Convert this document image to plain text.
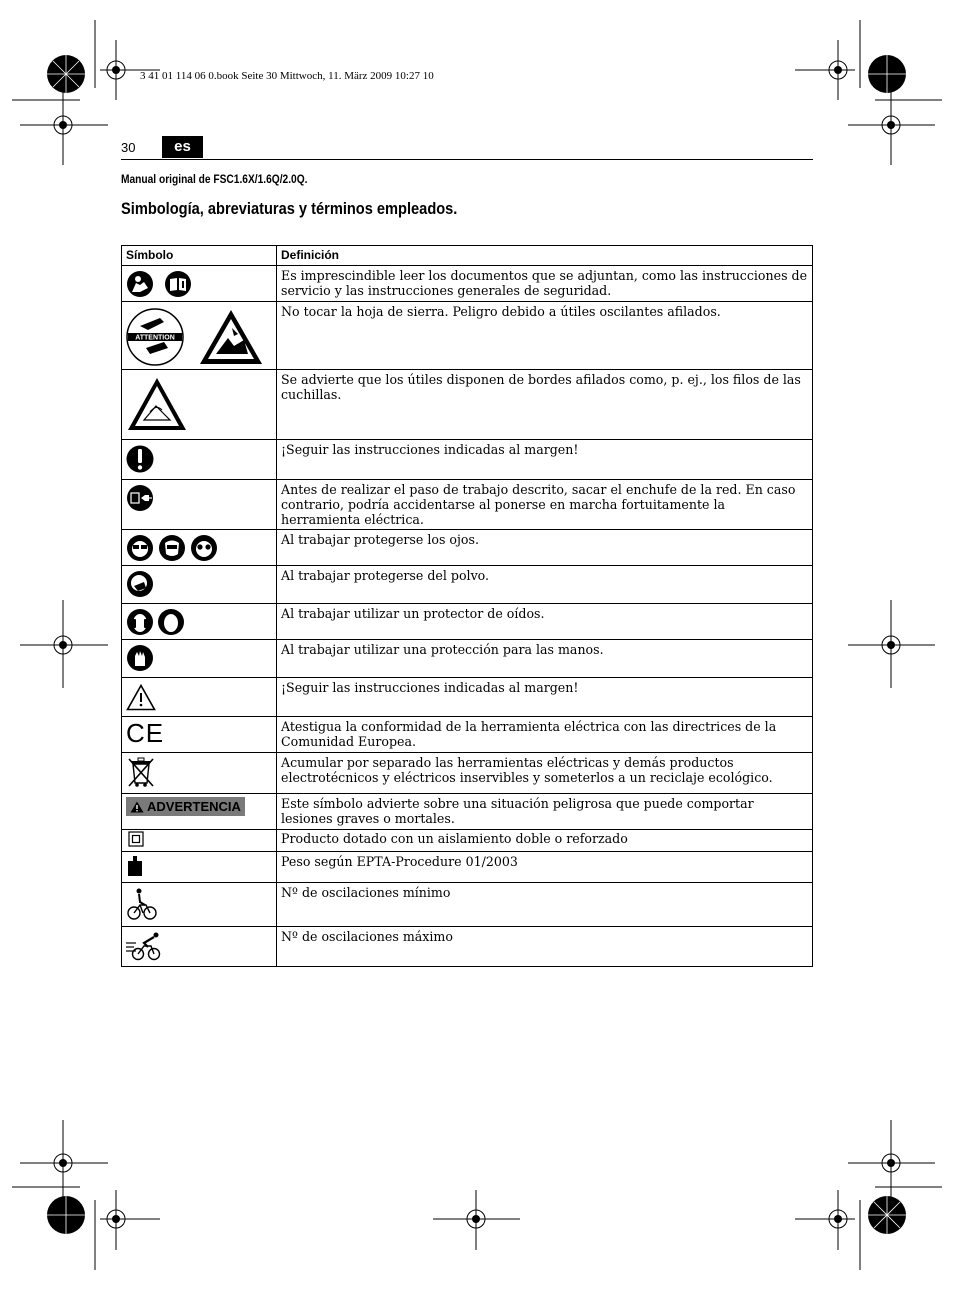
3 41 01 114 06 0.book Seite 30 Mittwoch, 11. März 2009 10:27 10
30	es
Manual original de FSC1.6X/1.6Q/2.0Q.
Simbología, abreviaturas y términos empleados.
Símbolo	Definición

	Es imprescindible leer los documentos que se adjuntan, como las instrucciones de servicio y las instrucciones generales de seguridad.

ATTENTION	No tocar la hoja de sierra. Peligro debido a útiles oscilantes afilados.
	Se advierte que los útiles disponen de bordes afilados como, p. ej., los filos de las cuchillas.
	¡Seguir las instrucciones indicadas al margen!
	Antes de realizar el paso de trabajo descrito, sacar el enchufe de la red. En caso contrario, podría accidentarse al ponerse en marcha fortuitamente la herramienta eléctrica.

	Al trabajar protegerse los ojos.
	Al trabajar protegerse del polvo.

	Al trabajar utilizar un protector de oídos.
	Al trabajar utilizar una protección para las manos.
	¡Seguir las instrucciones indicadas al margen!

CE	Atestigua la conformidad de la herramienta eléctrica con las directrices de la Comunidad Europea.
	Acumular por separado las herramientas eléctricas y demás productos electrotécnicos y eléctricos inservibles y someterlos a un reciclaje ecológico.

ADVERTENCIA	Este símbolo advierte sobre una situación peligrosa que puede comportar lesiones graves o mortales.
	Producto dotado con un aislamiento doble o reforzado
	Peso según EPTA-Procedure 01/2003
	Nº de oscilaciones mínimo
	Nº de oscilaciones máximo
